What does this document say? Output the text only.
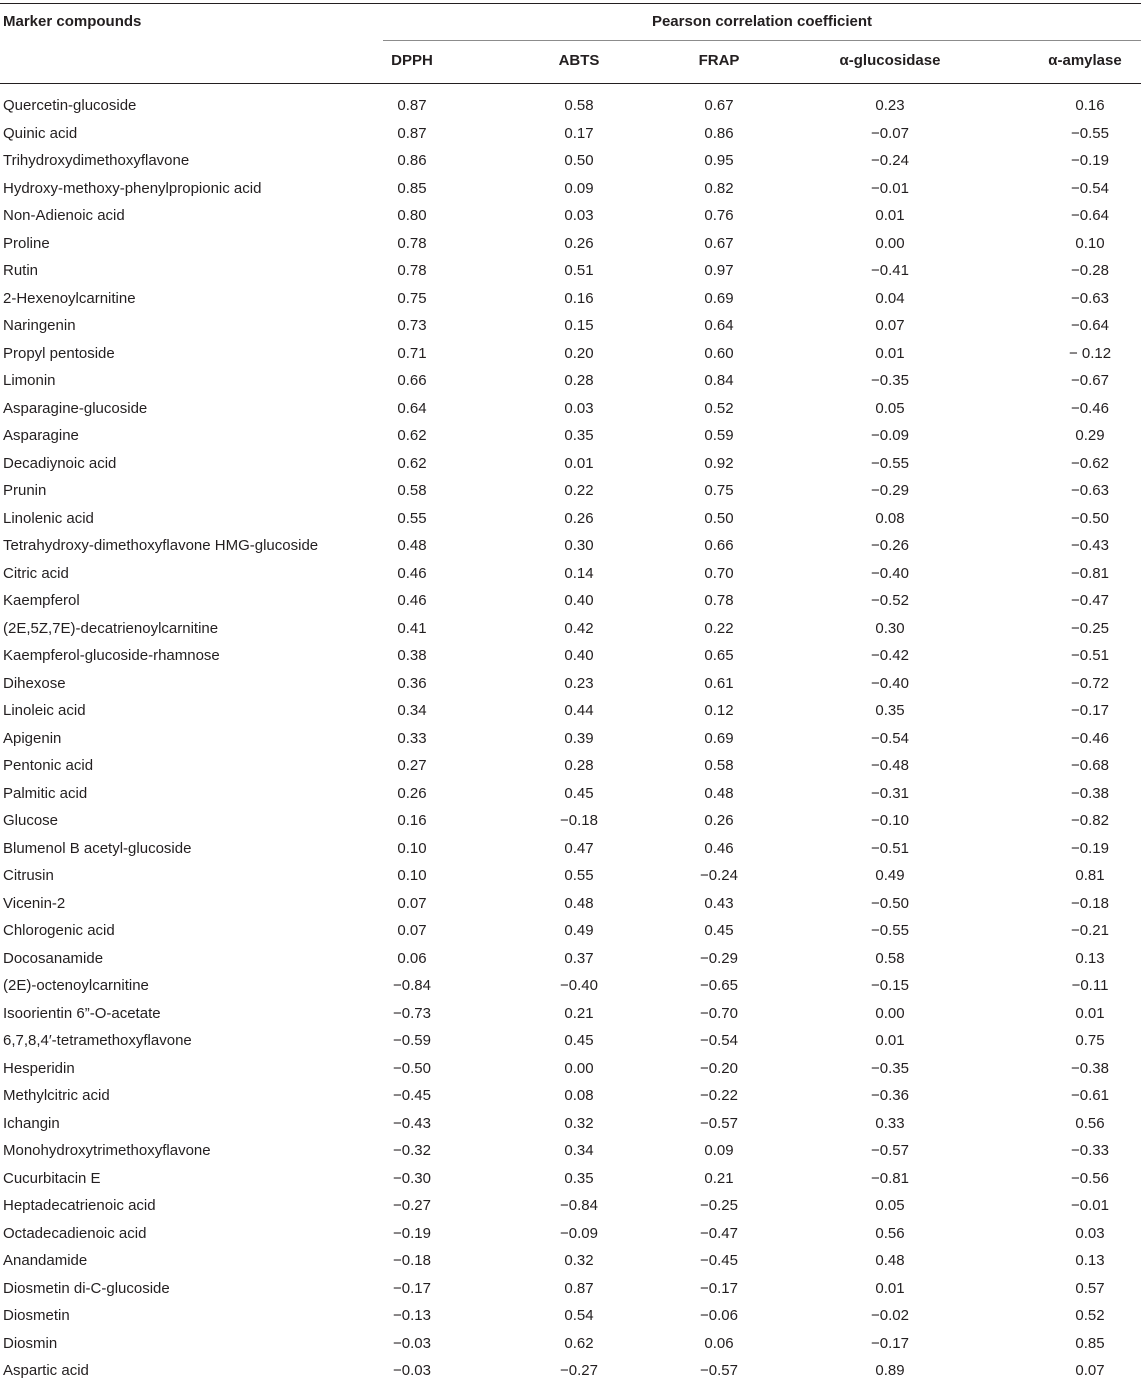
Marker compounds	Pearson correlation coefficient
DPPH	ABTS	FRAP	α-glucosidase	α-amylase
Quercetin-glucoside	0.87	0.58	0.67	0.23	0.16
Quinic acid	0.87	0.17	0.86	−0.07	−0.55
Trihydroxydimethoxyflavone	0.86	0.50	0.95	−0.24	−0.19
Hydroxy-methoxy-phenylpropionic acid	0.85	0.09	0.82	−0.01	−0.54
Non-Adienoic acid	0.80	0.03	0.76	0.01	−0.64
Proline	0.78	0.26	0.67	0.00	0.10
Rutin	0.78	0.51	0.97	−0.41	−0.28
2-Hexenoylcarnitine	0.75	0.16	0.69	0.04	−0.63
Naringenin	0.73	0.15	0.64	0.07	−0.64
Propyl pentoside	0.71	0.20	0.60	0.01	− 0.12
Limonin	0.66	0.28	0.84	−0.35	−0.67
Asparagine-glucoside	0.64	0.03	0.52	0.05	−0.46
Asparagine	0.62	0.35	0.59	−0.09	0.29
Decadiynoic acid	0.62	0.01	0.92	−0.55	−0.62
Prunin	0.58	0.22	0.75	−0.29	−0.63
Linolenic acid	0.55	0.26	0.50	0.08	−0.50
Tetrahydroxy-dimethoxyflavone HMG-glucoside	0.48	0.30	0.66	−0.26	−0.43
Citric acid	0.46	0.14	0.70	−0.40	−0.81
Kaempferol	0.46	0.40	0.78	−0.52	−0.47
(2E,5Z,7E)-decatrienoylcarnitine	0.41	0.42	0.22	0.30	−0.25
Kaempferol-glucoside-rhamnose	0.38	0.40	0.65	−0.42	−0.51
Dihexose	0.36	0.23	0.61	−0.40	−0.72
Linoleic acid	0.34	0.44	0.12	0.35	−0.17
Apigenin	0.33	0.39	0.69	−0.54	−0.46
Pentonic acid	0.27	0.28	0.58	−0.48	−0.68
Palmitic acid	0.26	0.45	0.48	−0.31	−0.38
Glucose	0.16	−0.18	0.26	−0.10	−0.82
Blumenol B acetyl-glucoside	0.10	0.47	0.46	−0.51	−0.19
Citrusin	0.10	0.55	−0.24	0.49	0.81
Vicenin-2	0.07	0.48	0.43	−0.50	−0.18
Chlorogenic acid	0.07	0.49	0.45	−0.55	−0.21
Docosanamide	0.06	0.37	−0.29	0.58	0.13
(2E)-octenoylcarnitine	−0.84	−0.40	−0.65	−0.15	−0.11
Isoorientin 6”-O-acetate	−0.73	0.21	−0.70	0.00	0.01
6,7,8,4′-tetramethoxyflavone	−0.59	0.45	−0.54	0.01	0.75
Hesperidin	−0.50	0.00	−0.20	−0.35	−0.38
Methylcitric acid	−0.45	0.08	−0.22	−0.36	−0.61
Ichangin	−0.43	0.32	−0.57	0.33	0.56
Monohydroxytrimethoxyflavone	−0.32	0.34	0.09	−0.57	−0.33
Cucurbitacin E	−0.30	0.35	0.21	−0.81	−0.56
Heptadecatrienoic acid	−0.27	−0.84	−0.25	0.05	−0.01
Octadecadienoic acid	−0.19	−0.09	−0.47	0.56	0.03
Anandamide	−0.18	0.32	−0.45	0.48	0.13
Diosmetin di-C-glucoside	−0.17	0.87	−0.17	0.01	0.57
Diosmetin	−0.13	0.54	−0.06	−0.02	0.52
Diosmin	−0.03	0.62	0.06	−0.17	0.85
Aspartic acid	−0.03	−0.27	−0.57	0.89	0.07
